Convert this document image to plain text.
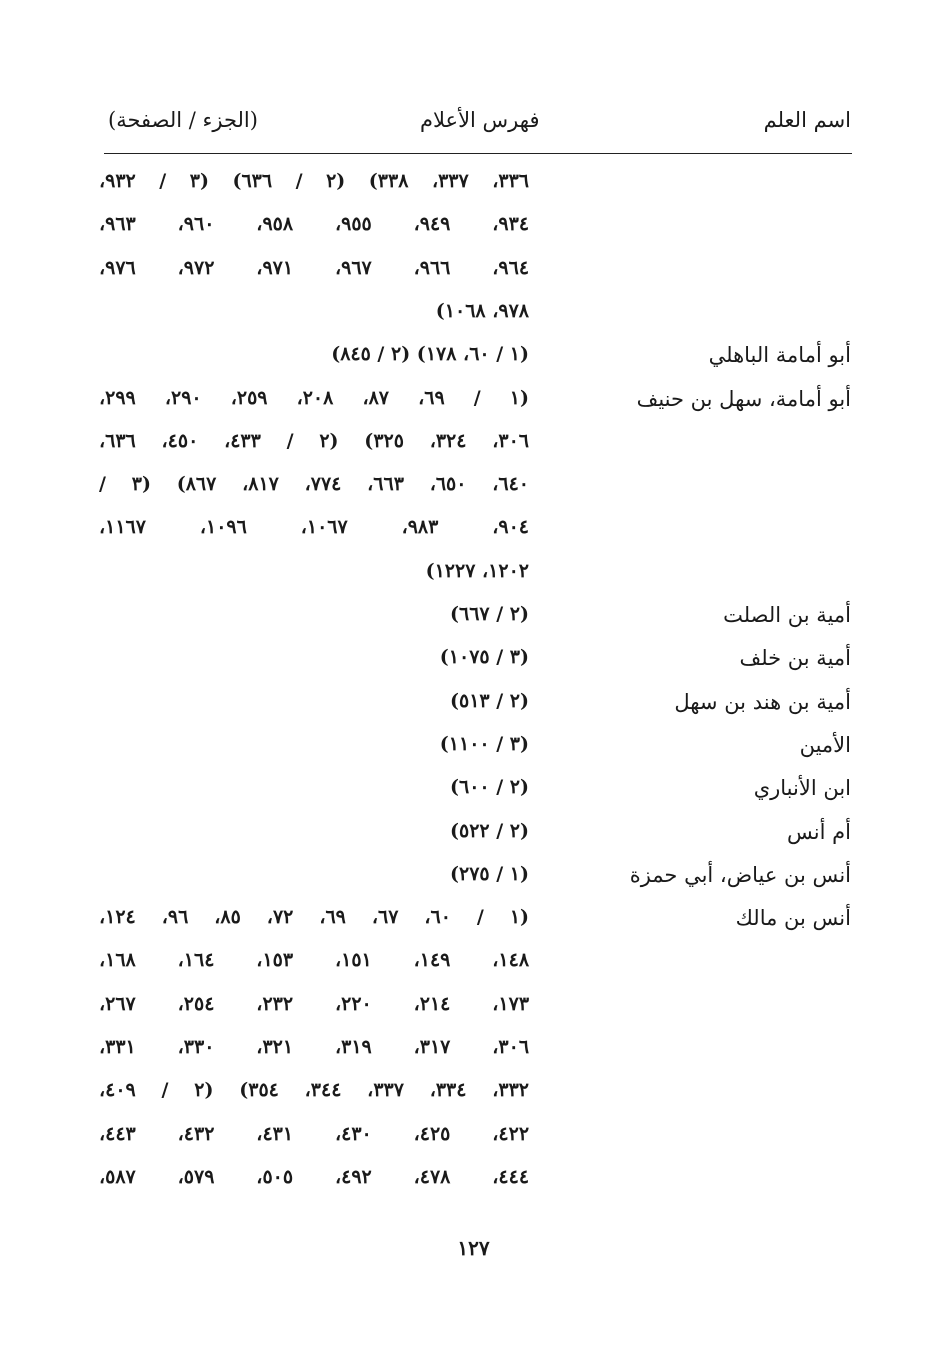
اسم العلم
فهرس الأعلام
(الجزء / الصفحة)
٣٣٦، ٣٣٧، ٣٣٨) (٢ / ٦٣٦) (٣ / ٩٣٢،
٩٣٤، ٩٤٩، ٩٥٥، ٩٥٨، ٩٦٠، ٩٦٣،
٩٦٤، ٩٦٦، ٩٦٧، ٩٧١، ٩٧٢، ٩٧٦،
٩٧٨، ١٠٦٨)
أبو أمامة الباهلي
(١ / ٦٠، ١٧٨) (٢ / ٨٤٥)
أبو أمامة، سهل بن حنيف
(١ / ٦٩، ٨٧، ٢٠٨، ٢٥٩، ٢٩٠، ٢٩٩،
٣٠٦، ٣٢٤، ٣٢٥) (٢ / ٤٣٣، ٤٥٠، ٦٣٦،
٦٤٠، ٦٥٠، ٦٦٣، ٧٧٤، ٨١٧، ٨٦٧) (٣ /
٩٠٤، ٩٨٣، ١٠٦٧، ١٠٩٦، ١١٦٧،
١٢٠٢، ١٢٢٧)
أمية بن الصلت
(٢ / ٦٦٧)
أمية بن خلف
(٣ / ١٠٧٥)
أمية بن هند بن سهل
(٢ / ٥١٣)
الأمين
(٣ / ١١٠٠)
ابن الأنباري
(٢ / ٦٠٠)
أم أنس
(٢ / ٥٢٢)
أنس بن عياض، أبي حمزة
(١ / ٢٧٥)
أنس بن مالك
(١ / ٦٠، ٦٧، ٦٩، ٧٢، ٨٥، ٩٦، ١٢٤،
١٤٨، ١٤٩، ١٥١، ١٥٣، ١٦٤، ١٦٨،
١٧٣، ٢١٤، ٢٢٠، ٢٣٢، ٢٥٤، ٢٦٧،
٣٠٦، ٣١٧، ٣١٩، ٣٢١، ٣٣٠، ٣٣١،
٣٣٢، ٣٣٤، ٣٣٧، ٣٤٤، ٣٥٤) (٢ / ٤٠٩،
٤٢٢، ٤٢٥، ٤٣٠، ٤٣١، ٤٣٢، ٤٤٣،
٤٤٤، ٤٧٨، ٤٩٢، ٥٠٥، ٥٧٩، ٥٨٧،
١٢٧
